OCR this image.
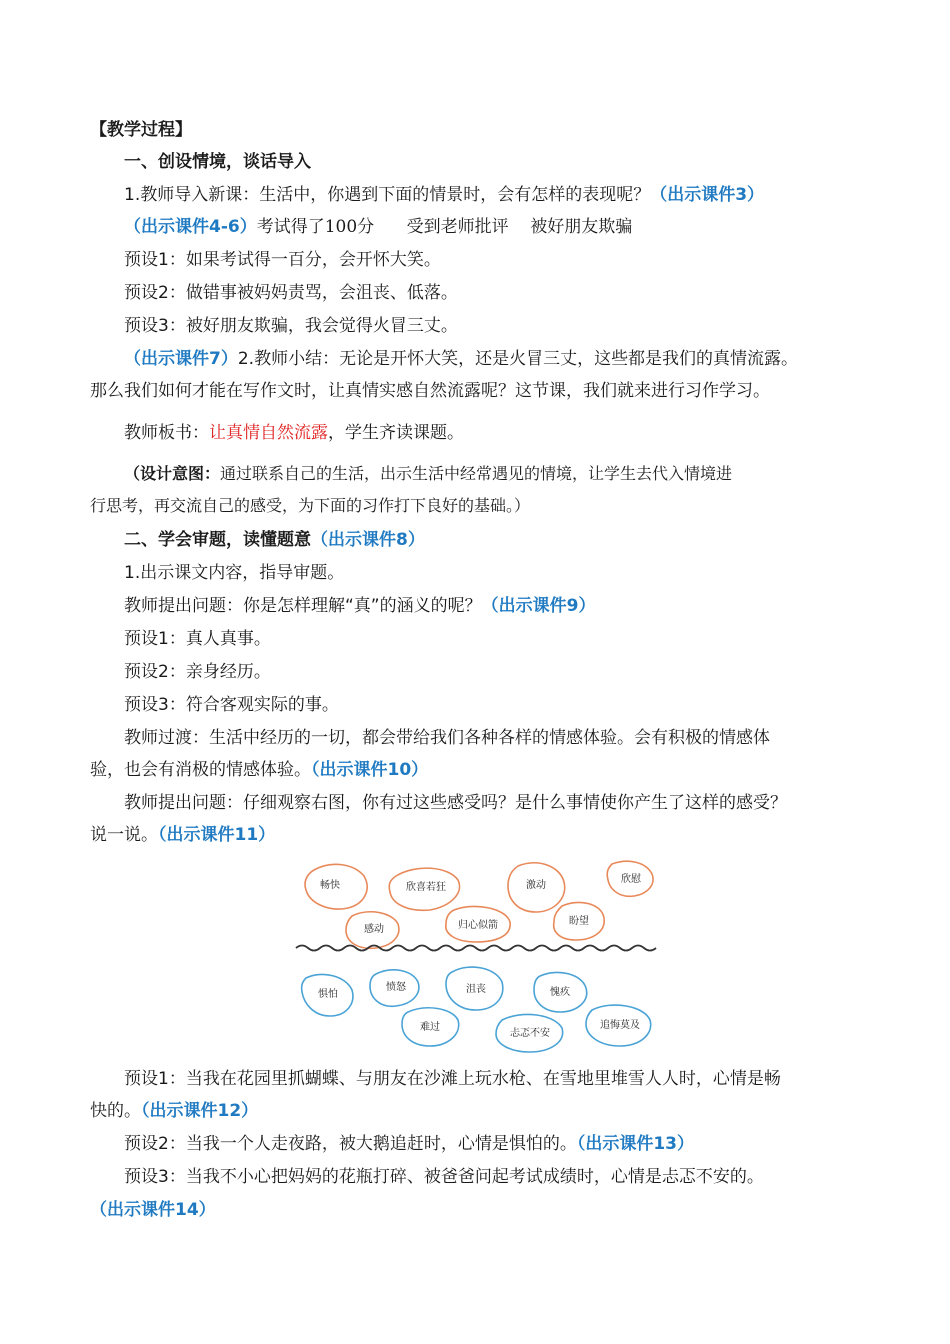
【教学过程】
一、创设情境，谈话导入
1.教师导入新课：生活中，你遇到下面的情景时，会有怎样的表现呢？（出示课件3）
（出示课件4-6）考试得了100分      受到老师批评    被好朋友欺骗
预设1：如果考试得一百分，会开怀大笑。
预设2：做错事被妈妈责骂，会沮丧、低落。
预设3：被好朋友欺骗，我会觉得火冒三丈。
（出示课件7）2.教师小结：无论是开怀大笑，还是火冒三丈，这些都是我们的真情流露。
那么我们如何才能在写作文时，让真情实感自然流露呢？这节课，我们就来进行习作学习。
教师板书：让真情自然流露，学生齐读课题。
（设计意图：通过联系自己的生活，出示生活中经常遇见的情境，让学生去代入情境进
行思考，再交流自己的感受，为下面的习作打下良好的基础。）
二、学会审题，读懂题意（出示课件8）
1.出示课文内容，指导审题。
教师提出问题：你是怎样理解“真”的涵义的呢？（出示课件9）
预设1：真人真事。
预设2：亲身经历。
预设3：符合客观实际的事。
教师过渡：生活中经历的一切，都会带给我们各种各样的情感体验。会有积极的情感体
验，也会有消极的情感体验。（出示课件10）
教师提出问题：仔细观察右图，你有过这些感受吗？是什么事情使你产生了这样的感受？
说一说。（出示课件11）
畅快	欣喜若狂	激动
欣慰
感动	归心似箭	盼望
惧怕
愤怒	沮丧	愧疚
难过
忐忑不安
追悔莫及
预设1：当我在花园里抓蝴蝶、与朋友在沙滩上玩水枪、在雪地里堆雪人人时，心情是畅
快的。（出示课件12）
预设2：当我一个人走夜路，被大鹅追赶时，心情是惧怕的。（出示课件13）
预设3：当我不小心把妈妈的花瓶打碎、被爸爸问起考试成绩时，心情是忐忑不安的。
（出示课件14）
